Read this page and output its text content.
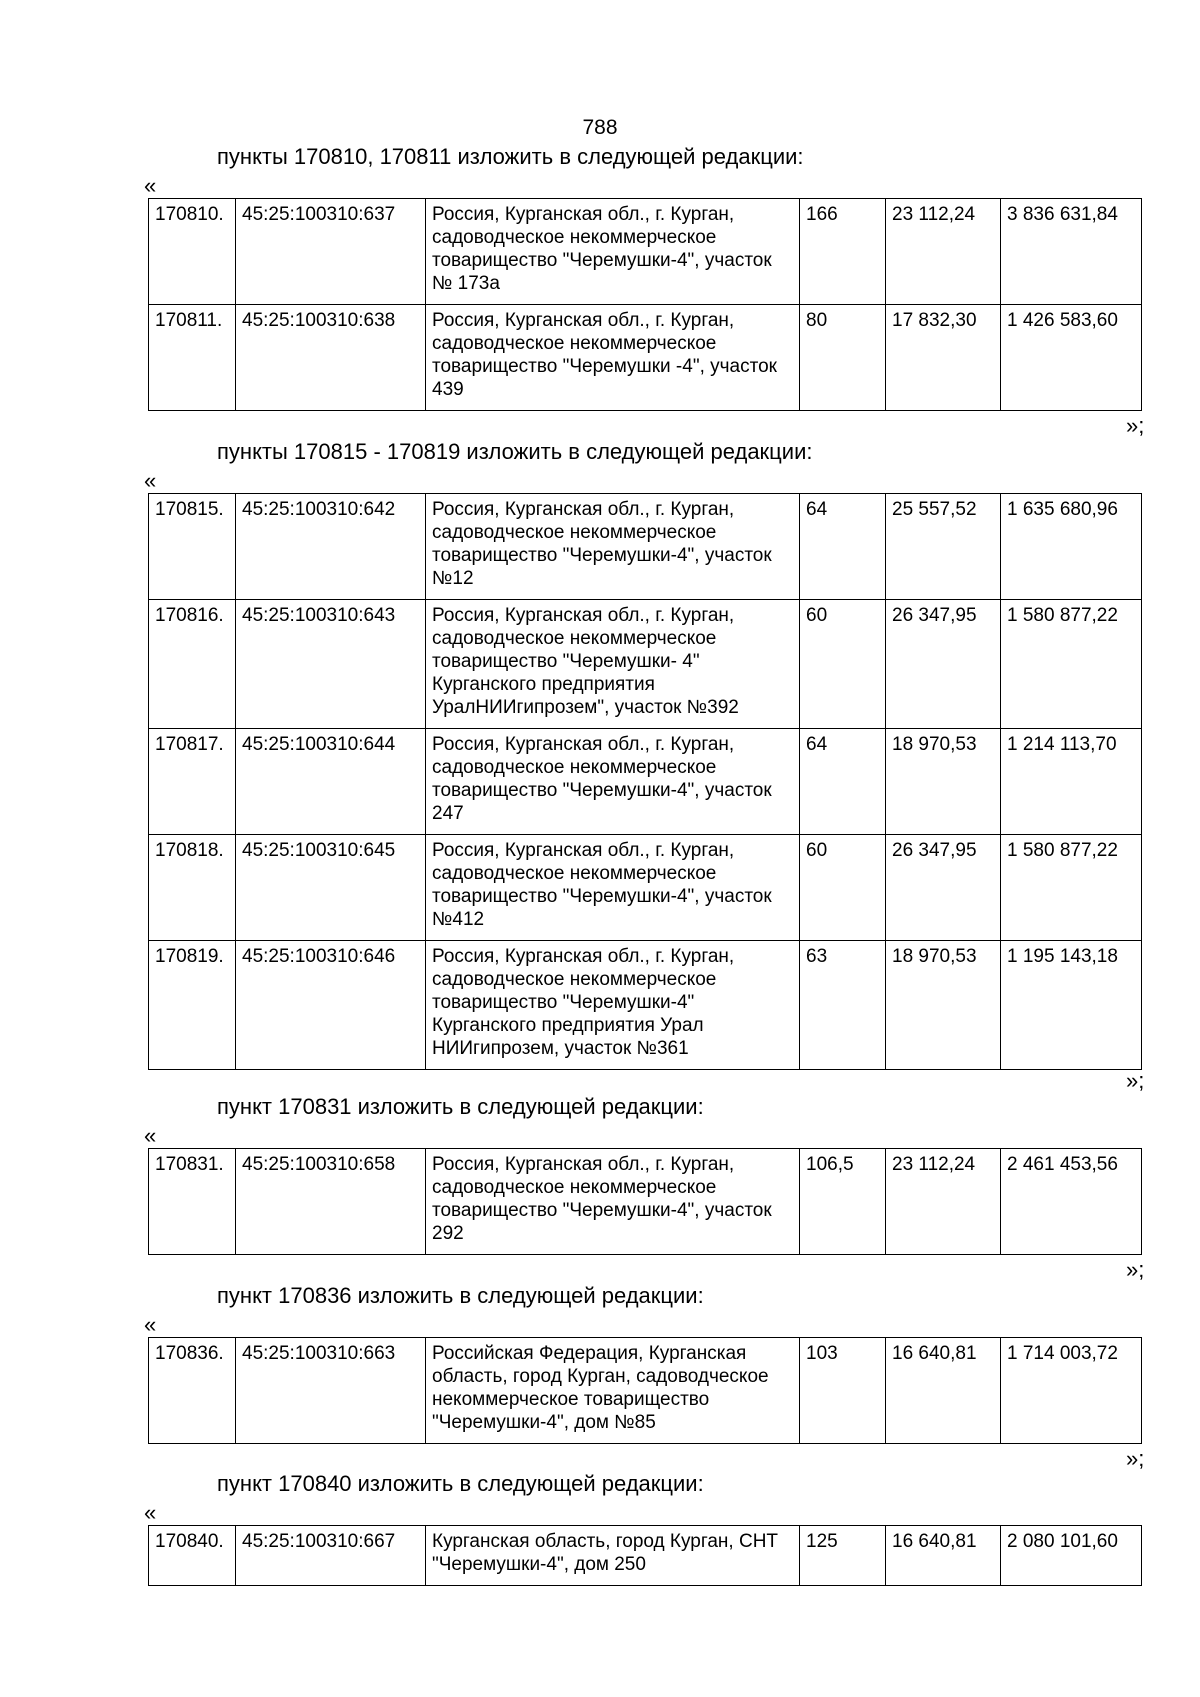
788
пункты 170810, 170811 изложить в следующей редакции:
«
170810.	45:25:100310:637	Россия, Курганская обл., г. Курган, садоводческое некоммерческое товарищество "Черемушки-4", участок № 173а	166	23 112,24	3 836 631,84
170811.	45:25:100310:638	Россия, Курганская обл., г. Курган, садоводческое некоммерческое товарищество "Черемушки -4", участок 439	80	17 832,30	1 426 583,60
»;
пункты 170815 - 170819 изложить в следующей редакции:
«
170815.	45:25:100310:642	Россия, Курганская обл., г. Курган, садоводческое некоммерческое товарищество "Черемушки-4", участок №12	64	25 557,52	1 635 680,96
170816.	45:25:100310:643	Россия, Курганская обл., г. Курган, садоводческое некоммерческое товарищество "Черемушки- 4" Курганского предприятия УралНИИгипрозем", участок №392	60	26 347,95	1 580 877,22
170817.	45:25:100310:644	Россия, Курганская обл., г. Курган, садоводческое некоммерческое товарищество "Черемушки-4", участок 247	64	18 970,53	1 214 113,70
170818.	45:25:100310:645	Россия, Курганская обл., г. Курган, садоводческое некоммерческое товарищество "Черемушки-4", участок №412	60	26 347,95	1 580 877,22
170819.	45:25:100310:646	Россия, Курганская обл., г. Курган, садоводческое некоммерческое товарищество "Черемушки-4" Курганского предприятия Урал НИИгипрозем, участок №361	63	18 970,53	1 195 143,18
»;
пункт 170831 изложить в следующей редакции:
«
170831.	45:25:100310:658	Россия, Курганская обл., г. Курган, садоводческое некоммерческое товарищество "Черемушки-4", участок 292	106,5	23 112,24	2 461 453,56
»;
пункт 170836 изложить в следующей редакции:
«
170836.	45:25:100310:663	Российская Федерация, Курганская область, город Курган, садоводческое некоммерческое товарищество "Черемушки-4", дом №85	103	16 640,81	1 714 003,72
»;
пункт 170840 изложить в следующей редакции:
«
170840.	45:25:100310:667	Курганская область, город Курган, СНТ "Черемушки-4", дом 250	125	16 640,81	2 080 101,60
